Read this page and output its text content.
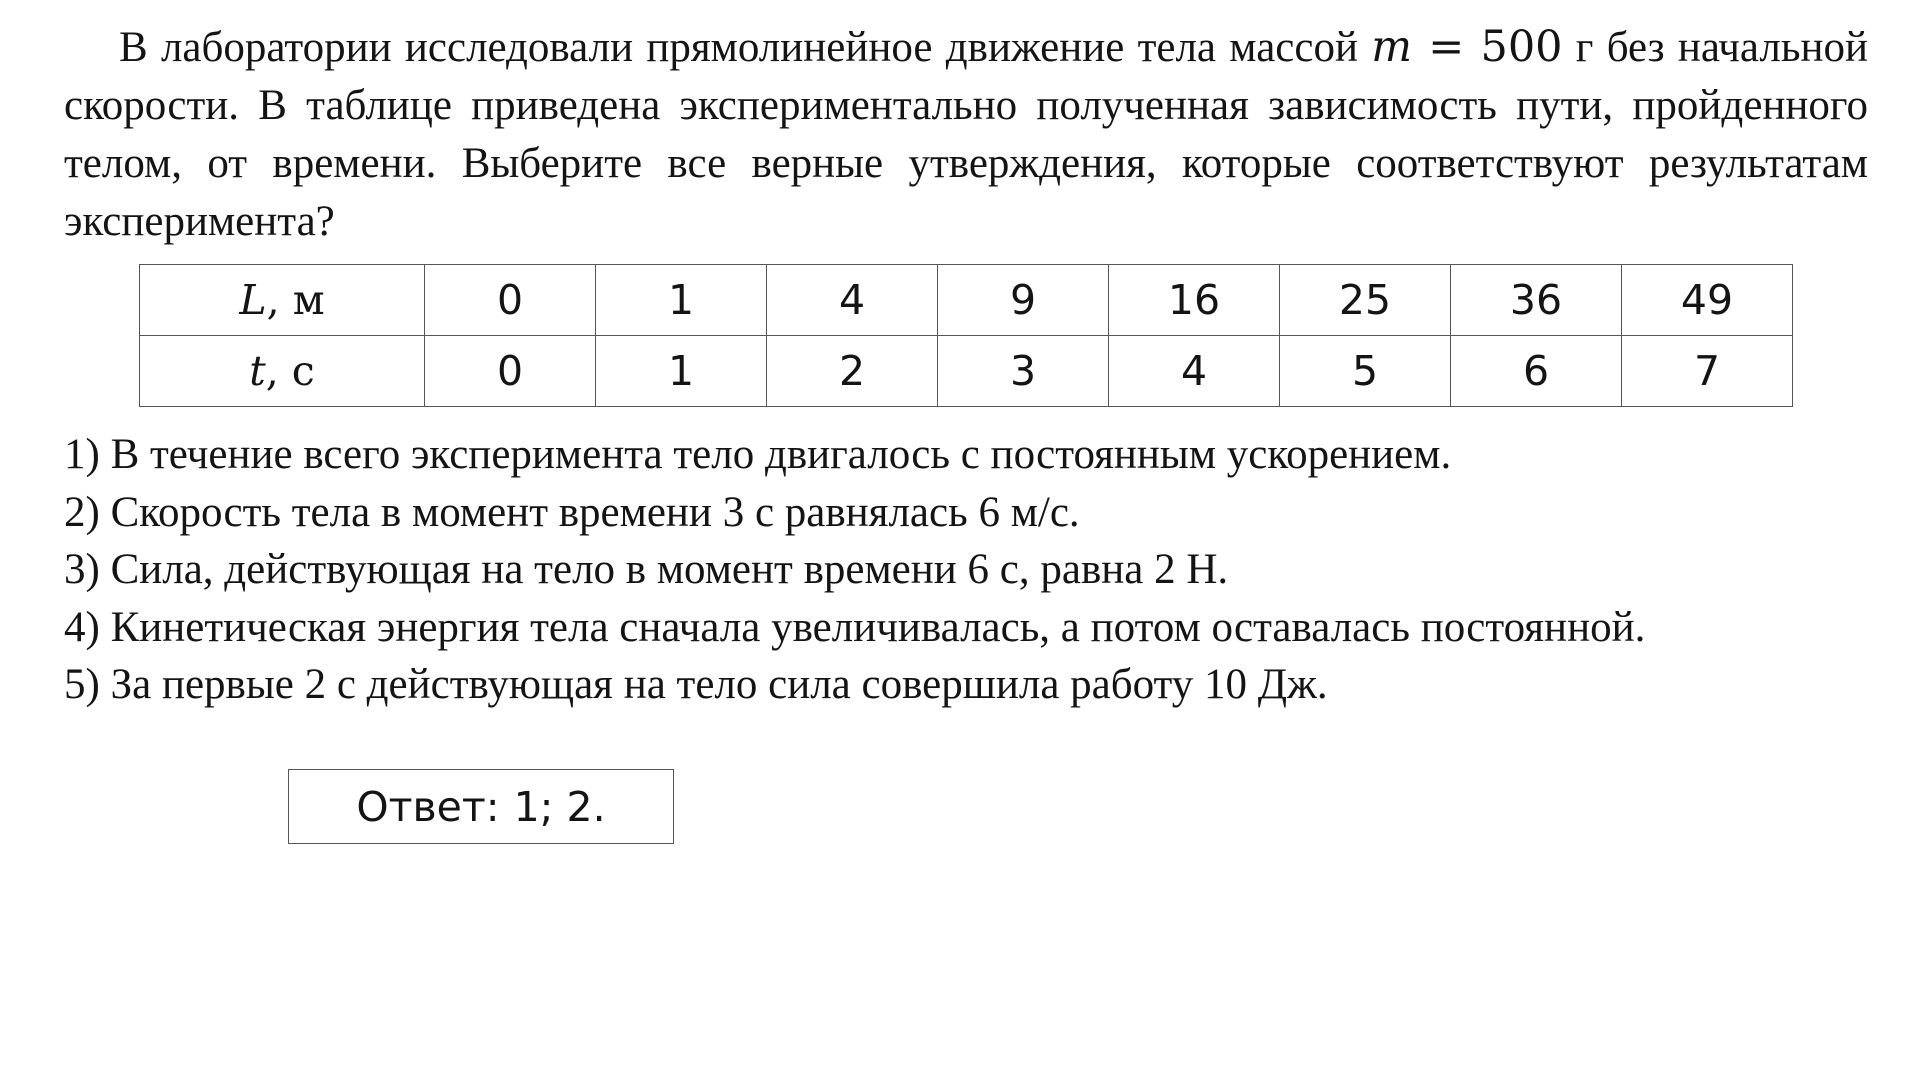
В лаборатории исследовали прямолинейное движение тела массой m = 500 г без начальной скорости. В таблице приведена экспериментально полученная зависимость пути, пройденного телом, от времени. Выберите все верные утверждения, которые соответствуют результатам эксперимента?

L, м	0	1	4	9	16	25	36	49
t, с	0	1	2	3	4	5	6	7
1) В течение всего эксперимента тело двигалось с постоянным ускорением.
2) Скорость тела в момент времени 3 с равнялась 6 м/с.
3) Сила, действующая на тело в момент времени 6 с, равна 2 Н.
4) Кинетическая энергия тела сначала увеличивалась, а потом оставалась постоянной.
5) За первые 2 с действующая на тело сила совершила работу 10 Дж.
Ответ: 1; 2.
